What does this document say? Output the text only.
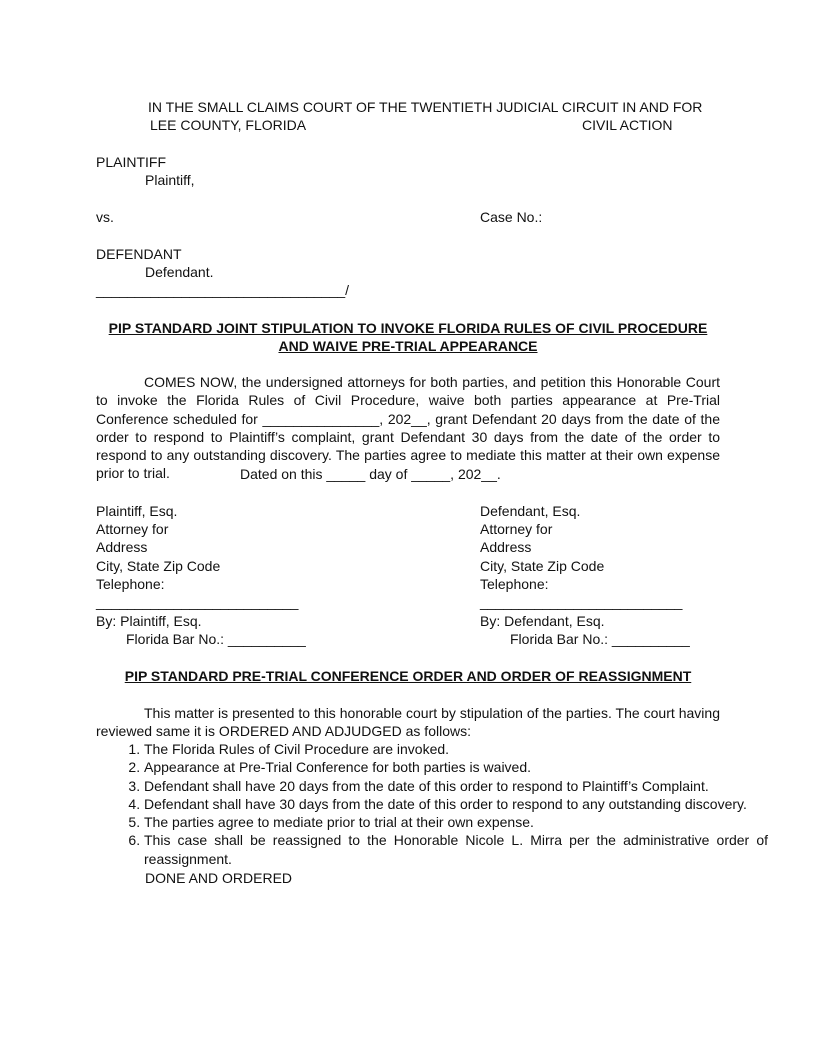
IN THE SMALL CLAIMS COURT OF THE TWENTIETH JUDICIAL CIRCUIT IN AND FOR
LEE COUNTY, FLORIDA	CIVIL ACTION
PLAINTIFF
Plaintiff,
vs.	Case No.:
DEFENDANT
Defendant.
________________________________/
PIP STANDARD JOINT STIPULATION TO INVOKE FLORIDA RULES OF CIVIL PROCEDURE
AND WAIVE PRE-TRIAL APPEARANCE
COMES NOW, the undersigned attorneys for both parties, and petition this Honorable Court to invoke the Florida Rules of Civil Procedure, waive both parties appearance at Pre-Trial Conference scheduled for _______________, 202__, grant Defendant 20 days from the date of the order to respond to Plaintiff’s complaint, grant Defendant 30 days from the date of the order to respond to any outstanding discovery. The parties agree to mediate this matter at their own expense prior to trial.	Dated on this _____ day of _____, 202__.
Plaintiff, Esq.
Attorney for
Address
City, State Zip Code
Telephone:
__________________________
By: Plaintiff, Esq.
Florida Bar No.: __________
Defendant, Esq.
Attorney for
Address
City, State Zip Code
Telephone:
__________________________
By: Defendant, Esq.
Florida Bar No.: __________
PIP STANDARD PRE-TRIAL CONFERENCE ORDER AND ORDER OF REASSIGNMENT
This matter is presented to this honorable court by stipulation of the parties. The court having reviewed same it is ORDERED AND ADJUDGED as follows:
1. The Florida Rules of Civil Procedure are invoked.
2. Appearance at Pre-Trial Conference for both parties is waived.
3. Defendant shall have 20 days from the date of this order to respond to Plaintiff’s Complaint.
4. Defendant shall have 30 days from the date of this order to respond to any outstanding discovery.
5. The parties agree to mediate prior to trial at their own expense.
6. This case shall be reassigned to the Honorable Nicole L. Mirra per the administrative order of reassignment.
DONE AND ORDERED
